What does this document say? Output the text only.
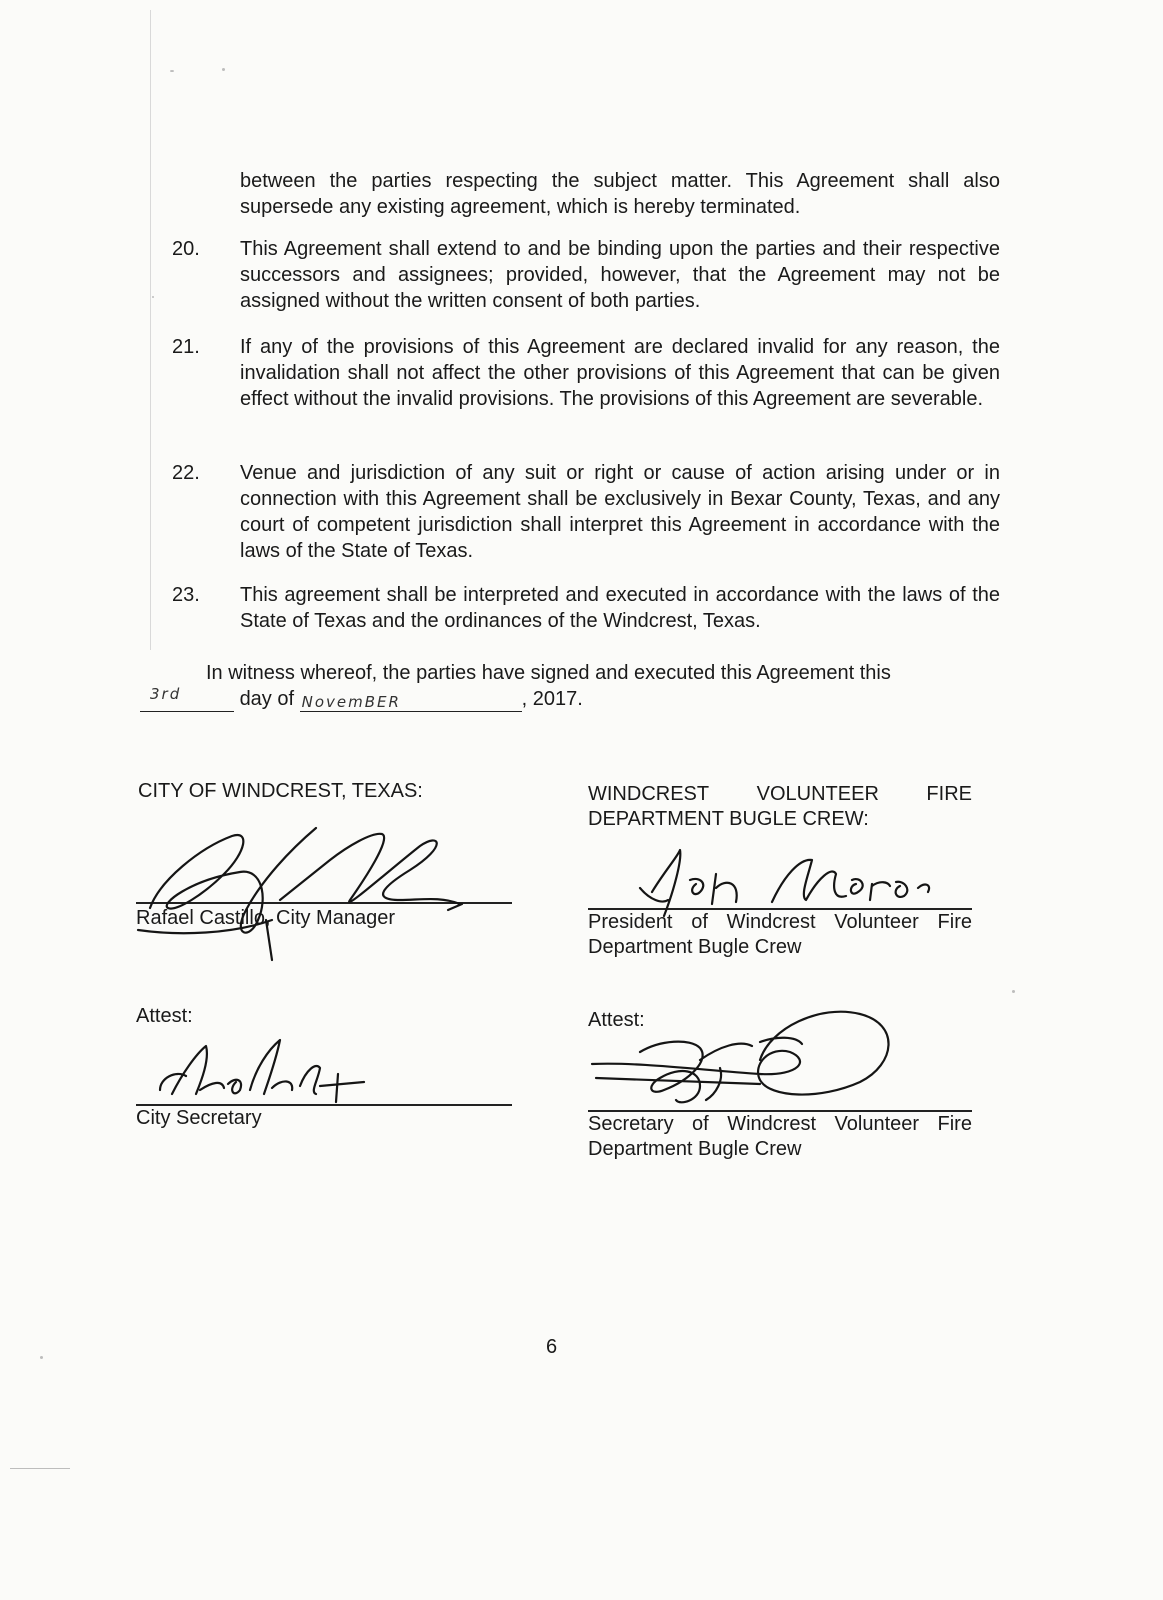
between the parties respecting the subject matter. This Agreement shall also supersede any existing agreement, which is hereby terminated.
20.	This Agreement shall extend to and be binding upon the parties and their respective successors and assignees; provided, however, that the Agreement may not be assigned without the written consent of both parties.
21.	If any of the provisions of this Agreement are declared invalid for any reason, the invalidation shall not affect the other provisions of this Agreement that can be given effect without the invalid provisions. The provisions of this Agreement are severable.
22.	Venue and jurisdiction of any suit or right or cause of action arising under or in connection with this Agreement shall be exclusively in Bexar County, Texas, and any court of competent jurisdiction shall interpret this Agreement in accordance with the laws of the State of Texas.
23.	This agreement shall be interpreted and executed in accordance with the laws of the State of Texas and the ordinances of the Windcrest, Texas.
In witness whereof, the parties have signed and executed this Agreement this
3rd	day of NovemBER	, 2017.
CITY OF WINDCREST, TEXAS:	WINDCREST VOLUNTEER FIRE
DEPARTMENT BUGLE CREW:
Rafael Castillo, City Manager	President of Windcrest Volunteer Fire
Department Bugle Crew
Attest:	Attest:
City Secretary	Secretary of Windcrest Volunteer Fire
Department Bugle Crew
6
